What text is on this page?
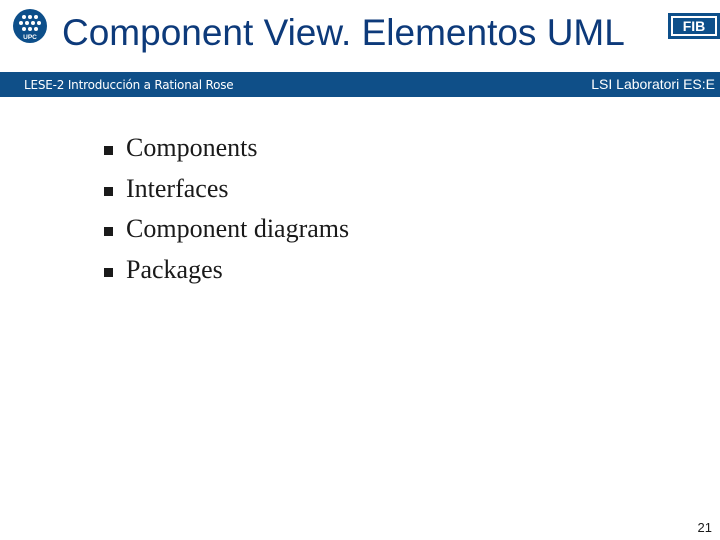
UPC Component View. Elementos UML	FIB
LESE-2 Introducción a Rational Rose	LSI Laboratori ES:E
Components
Interfaces
Component diagrams
Packages
21
